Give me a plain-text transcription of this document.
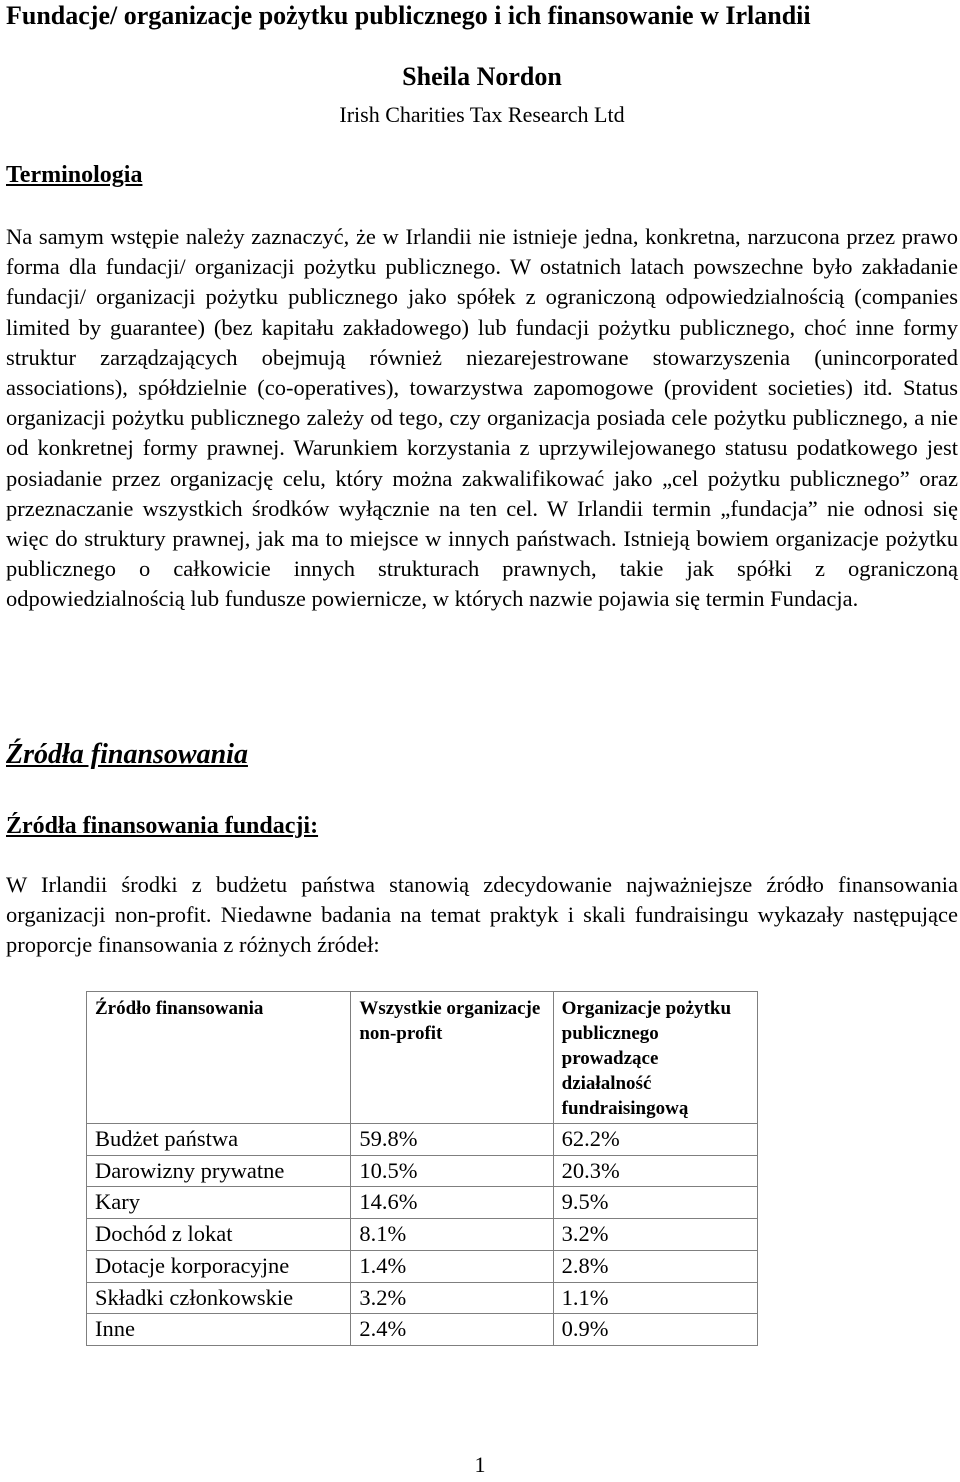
Fundacje/ organizacje pożytku publicznego i ich finansowanie w Irlandii
Sheila Nordon
Irish Charities Tax Research Ltd
Terminologia

Na samym wstępie należy zaznaczyć, że w Irlandii nie istnieje jedna, konkretna, narzucona przez prawo forma dla fundacji/ organizacji pożytku publicznego. W ostatnich latach powszechne było zakładanie fundacji/ organizacji pożytku publicznego jako spółek z ograniczoną odpowiedzialnością (companies limited by guarantee) (bez kapitału zakładowego) lub fundacji pożytku publicznego, choć inne formy struktur zarządzających obejmują również niezarejestrowane stowarzyszenia (unincorporated associations), spółdzielnie (co-operatives), towarzystwa zapomogowe (provident societies) itd. Status organizacji pożytku publicznego zależy od tego, czy organizacja posiada cele pożytku publicznego, a nie od konkretnej formy prawnej. Warunkiem korzystania z uprzywilejowanego statusu podatkowego jest posiadanie przez organizację celu, który można zakwalifikować jako „cel pożytku publicznego” oraz przeznaczanie wszystkich środków wyłącznie na ten cel. W Irlandii termin „fundacja” nie odnosi się więc do struktury prawnej, jak ma to miejsce w innych państwach. Istnieją bowiem organizacje pożytku publicznego o całkowicie innych strukturach prawnych, takie jak spółki z ograniczoną odpowiedzialnością lub fundusze powiernicze, w których nazwie pojawia się termin Fundacja.

Źródła finansowania
Źródła finansowania fundacji:

W Irlandii środki z budżetu państwa stanowią zdecydowanie najważniejsze źródło finansowania organizacji non-profit. Niedawne badania na temat praktyk i skali fundraisingu wykazały następujące proporcje finansowania z różnych źródeł:

Źródło finansowania	Wszystkie organizacje non-profit	Organizacje pożytku publicznego prowadzące działalność fundraisingową
Budżet państwa	59.8%	62.2%
Darowizny prywatne	10.5%	20.3%
Kary	14.6%	9.5%
Dochód z lokat	8.1%	3.2%
Dotacje korporacyjne	1.4%	2.8%
Składki członkowskie	3.2%	1.1%
Inne	2.4%	0.9%
1
